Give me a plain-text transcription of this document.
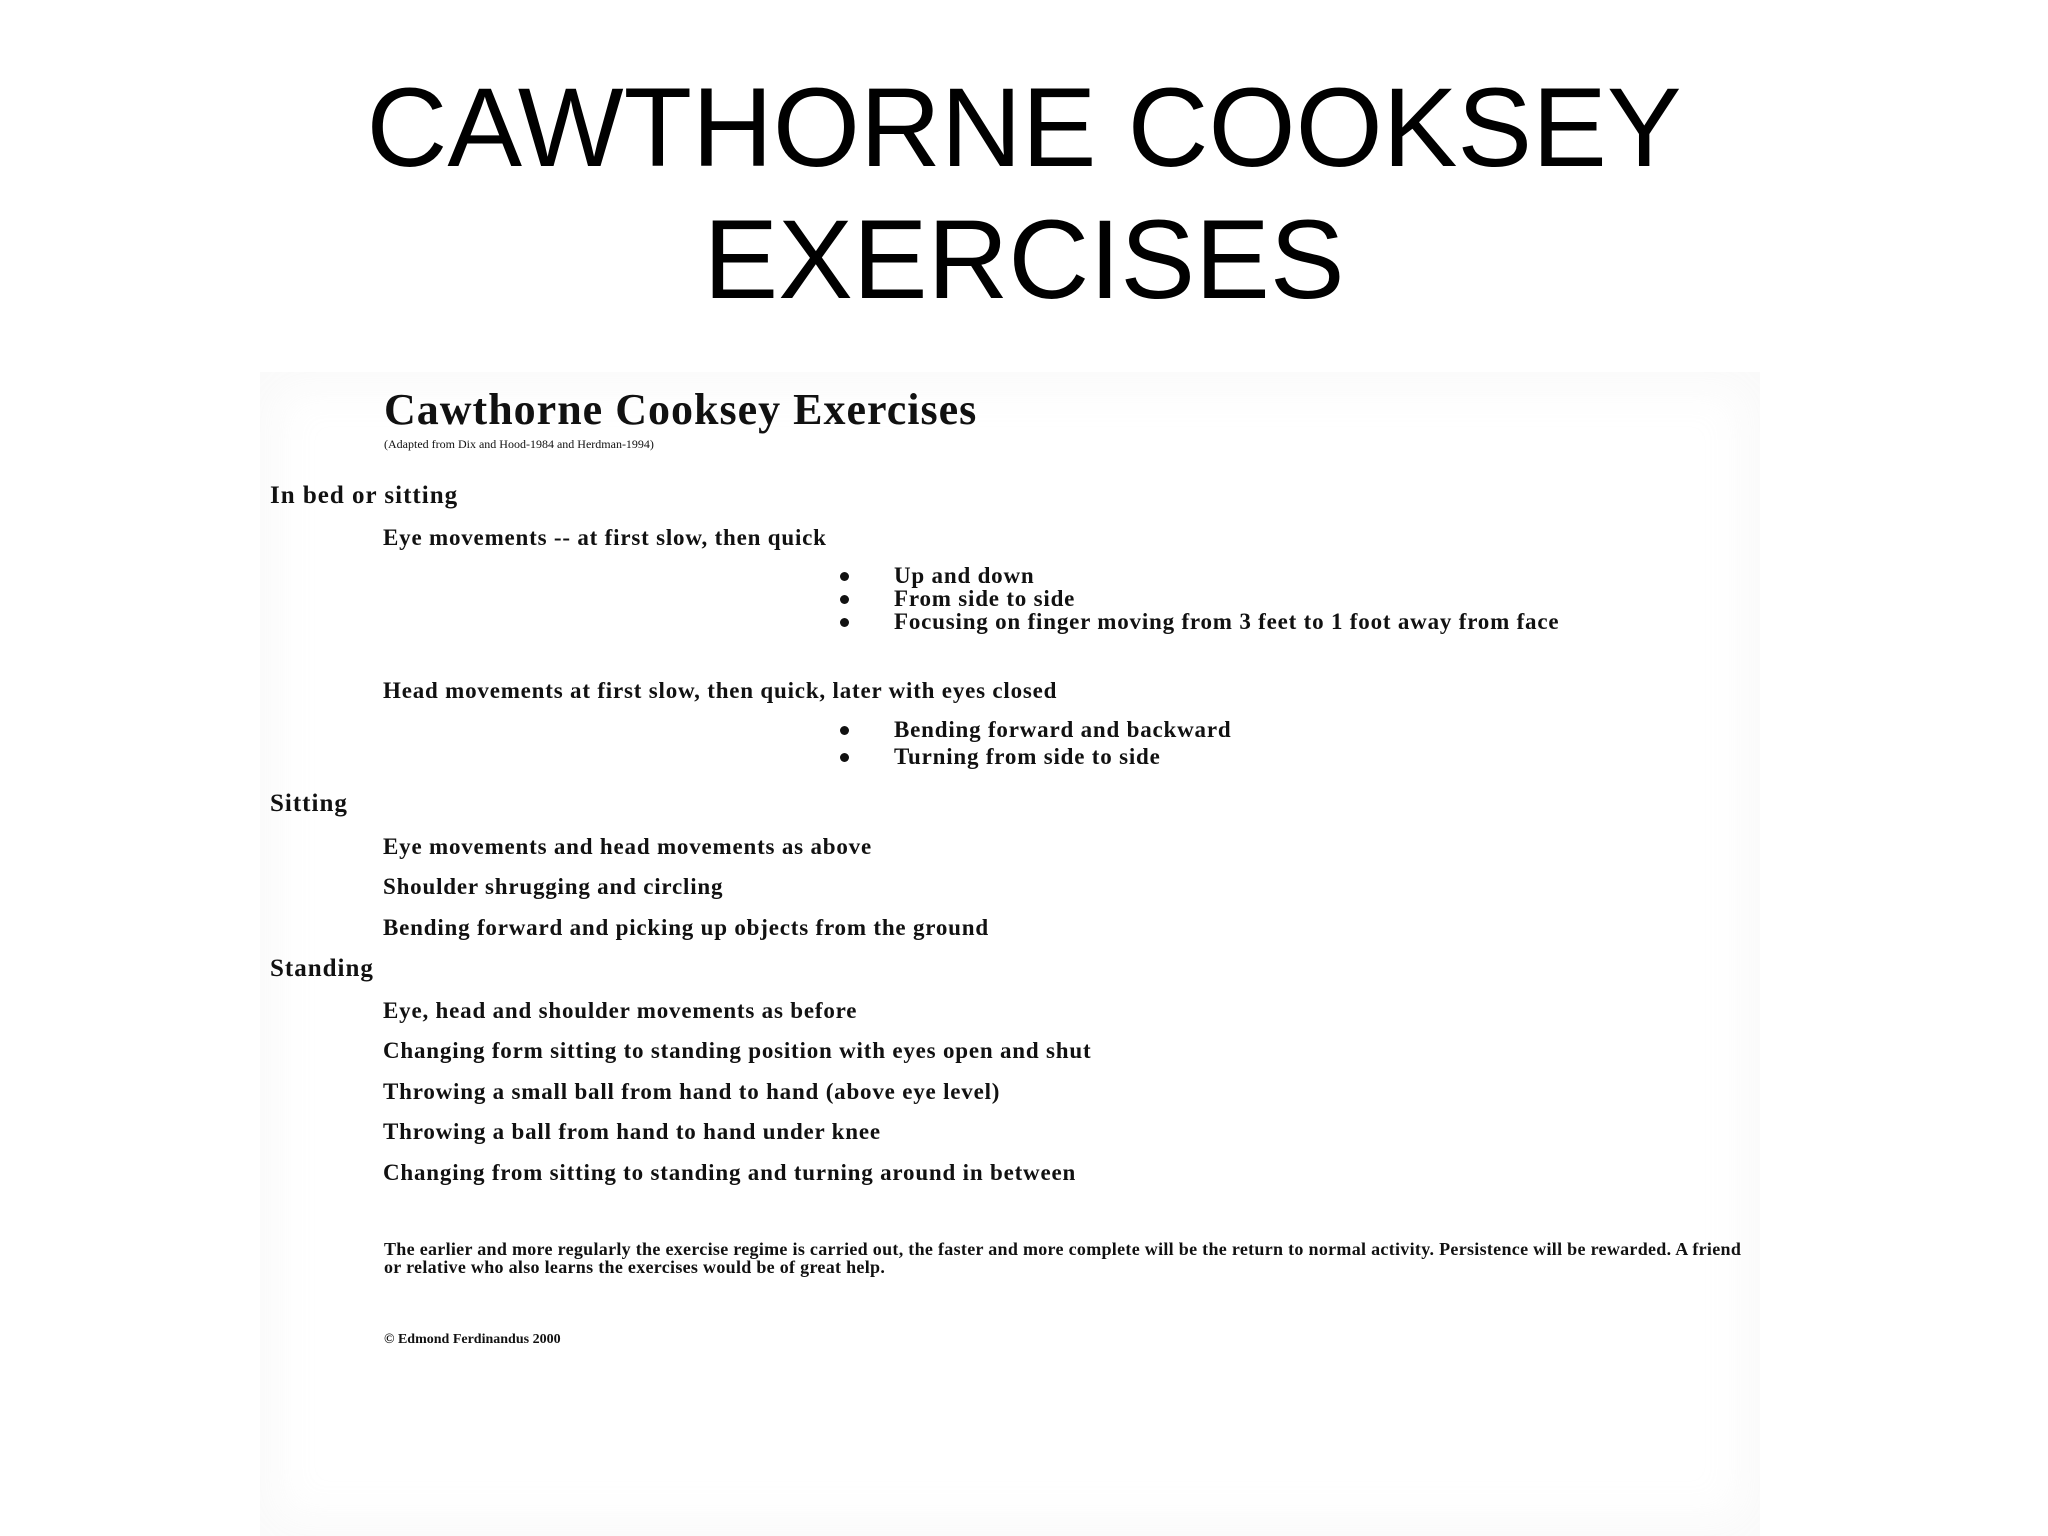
CAWTHORNE COOKSEY
EXERCISES
Cawthorne Cooksey Exercises
(Adapted from Dix and Hood-1984 and Herdman-1994)
In bed or sitting
Eye movements -- at first slow, then quick
Up and down
From side to side
Focusing on finger moving from 3 feet to 1 foot away from face
Head movements at first slow, then quick, later with eyes closed
Bending forward and backward
Turning from side to side
Sitting
Eye movements and head movements as above
Shoulder shrugging and circling
Bending forward and picking up objects from the ground
Standing
Eye, head and shoulder movements as before
Changing form sitting to standing position with eyes open and shut
Throwing a small ball from hand to hand (above eye level)
Throwing a ball from hand to hand under knee
Changing from sitting to standing and turning around in between
The earlier and more regularly the exercise regime is carried out, the faster and more complete will be the return to normal activity. Persistence will be rewarded. A friend or relative who also learns the exercises would be of great help.
© Edmond Ferdinandus 2000
